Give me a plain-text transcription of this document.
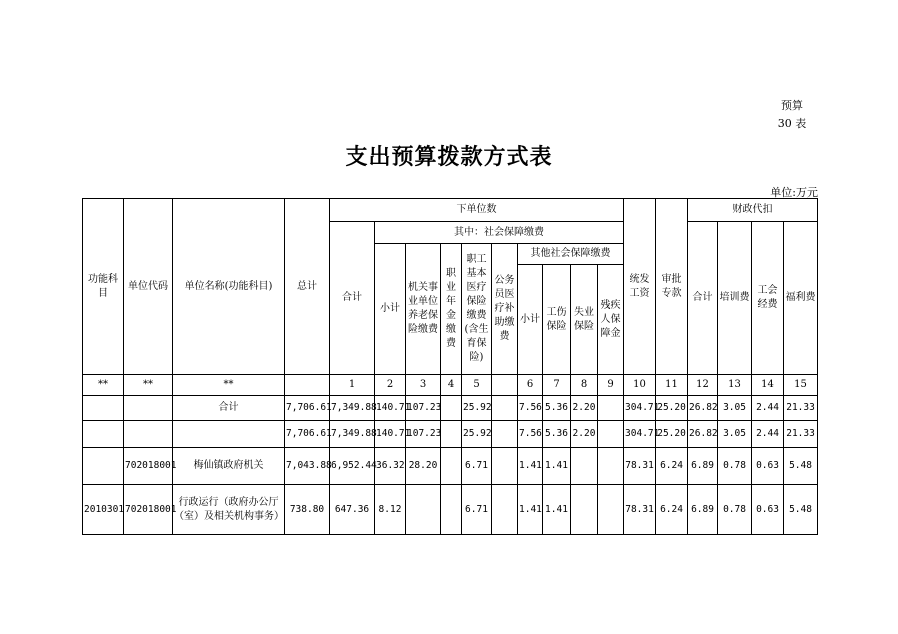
预算
30 表
支出预算拨款方式表
单位:万元
功能科目	单位代码	单位名称(功能科目)	总计	下单位数										统发工资	审批专款	财政代扣			
				合计	其中：社会保障缴费											合计	培训费	工会经费	福利费
					小计	机关事业单位养老保险缴费	职业年金缴费	职工基本医疗保险缴费(含生育保险)	公务员医疗补助缴费	其他社会保障缴费									
										小计	工伤保险	失业保险	残疾人保障金						
**	**	**		1	2	3	4	5		6	7	8	9	10	11	12	13	14	15
		合计	7,706.61	7,349.88	140.71	107.23		25.92		7.56	5.36	2.20		304.71	25.20	26.82	3.05	2.44	21.33
			7,706.61	7,349.88	140.71	107.23		25.92		7.56	5.36	2.20		304.71	25.20	26.82	3.05	2.44	21.33
	702018001	梅仙镇政府机关	7,043.88	6,952.44	36.32	28.20		6.71		1.41	1.41			78.31	6.24	6.89	0.78	0.63	5.48
2010301	702018001	行政运行（政府办公厅（室）及相关机构事务）	738.80	647.36	8.12			6.71		1.41	1.41			78.31	6.24	6.89	0.78	0.63	5.48
